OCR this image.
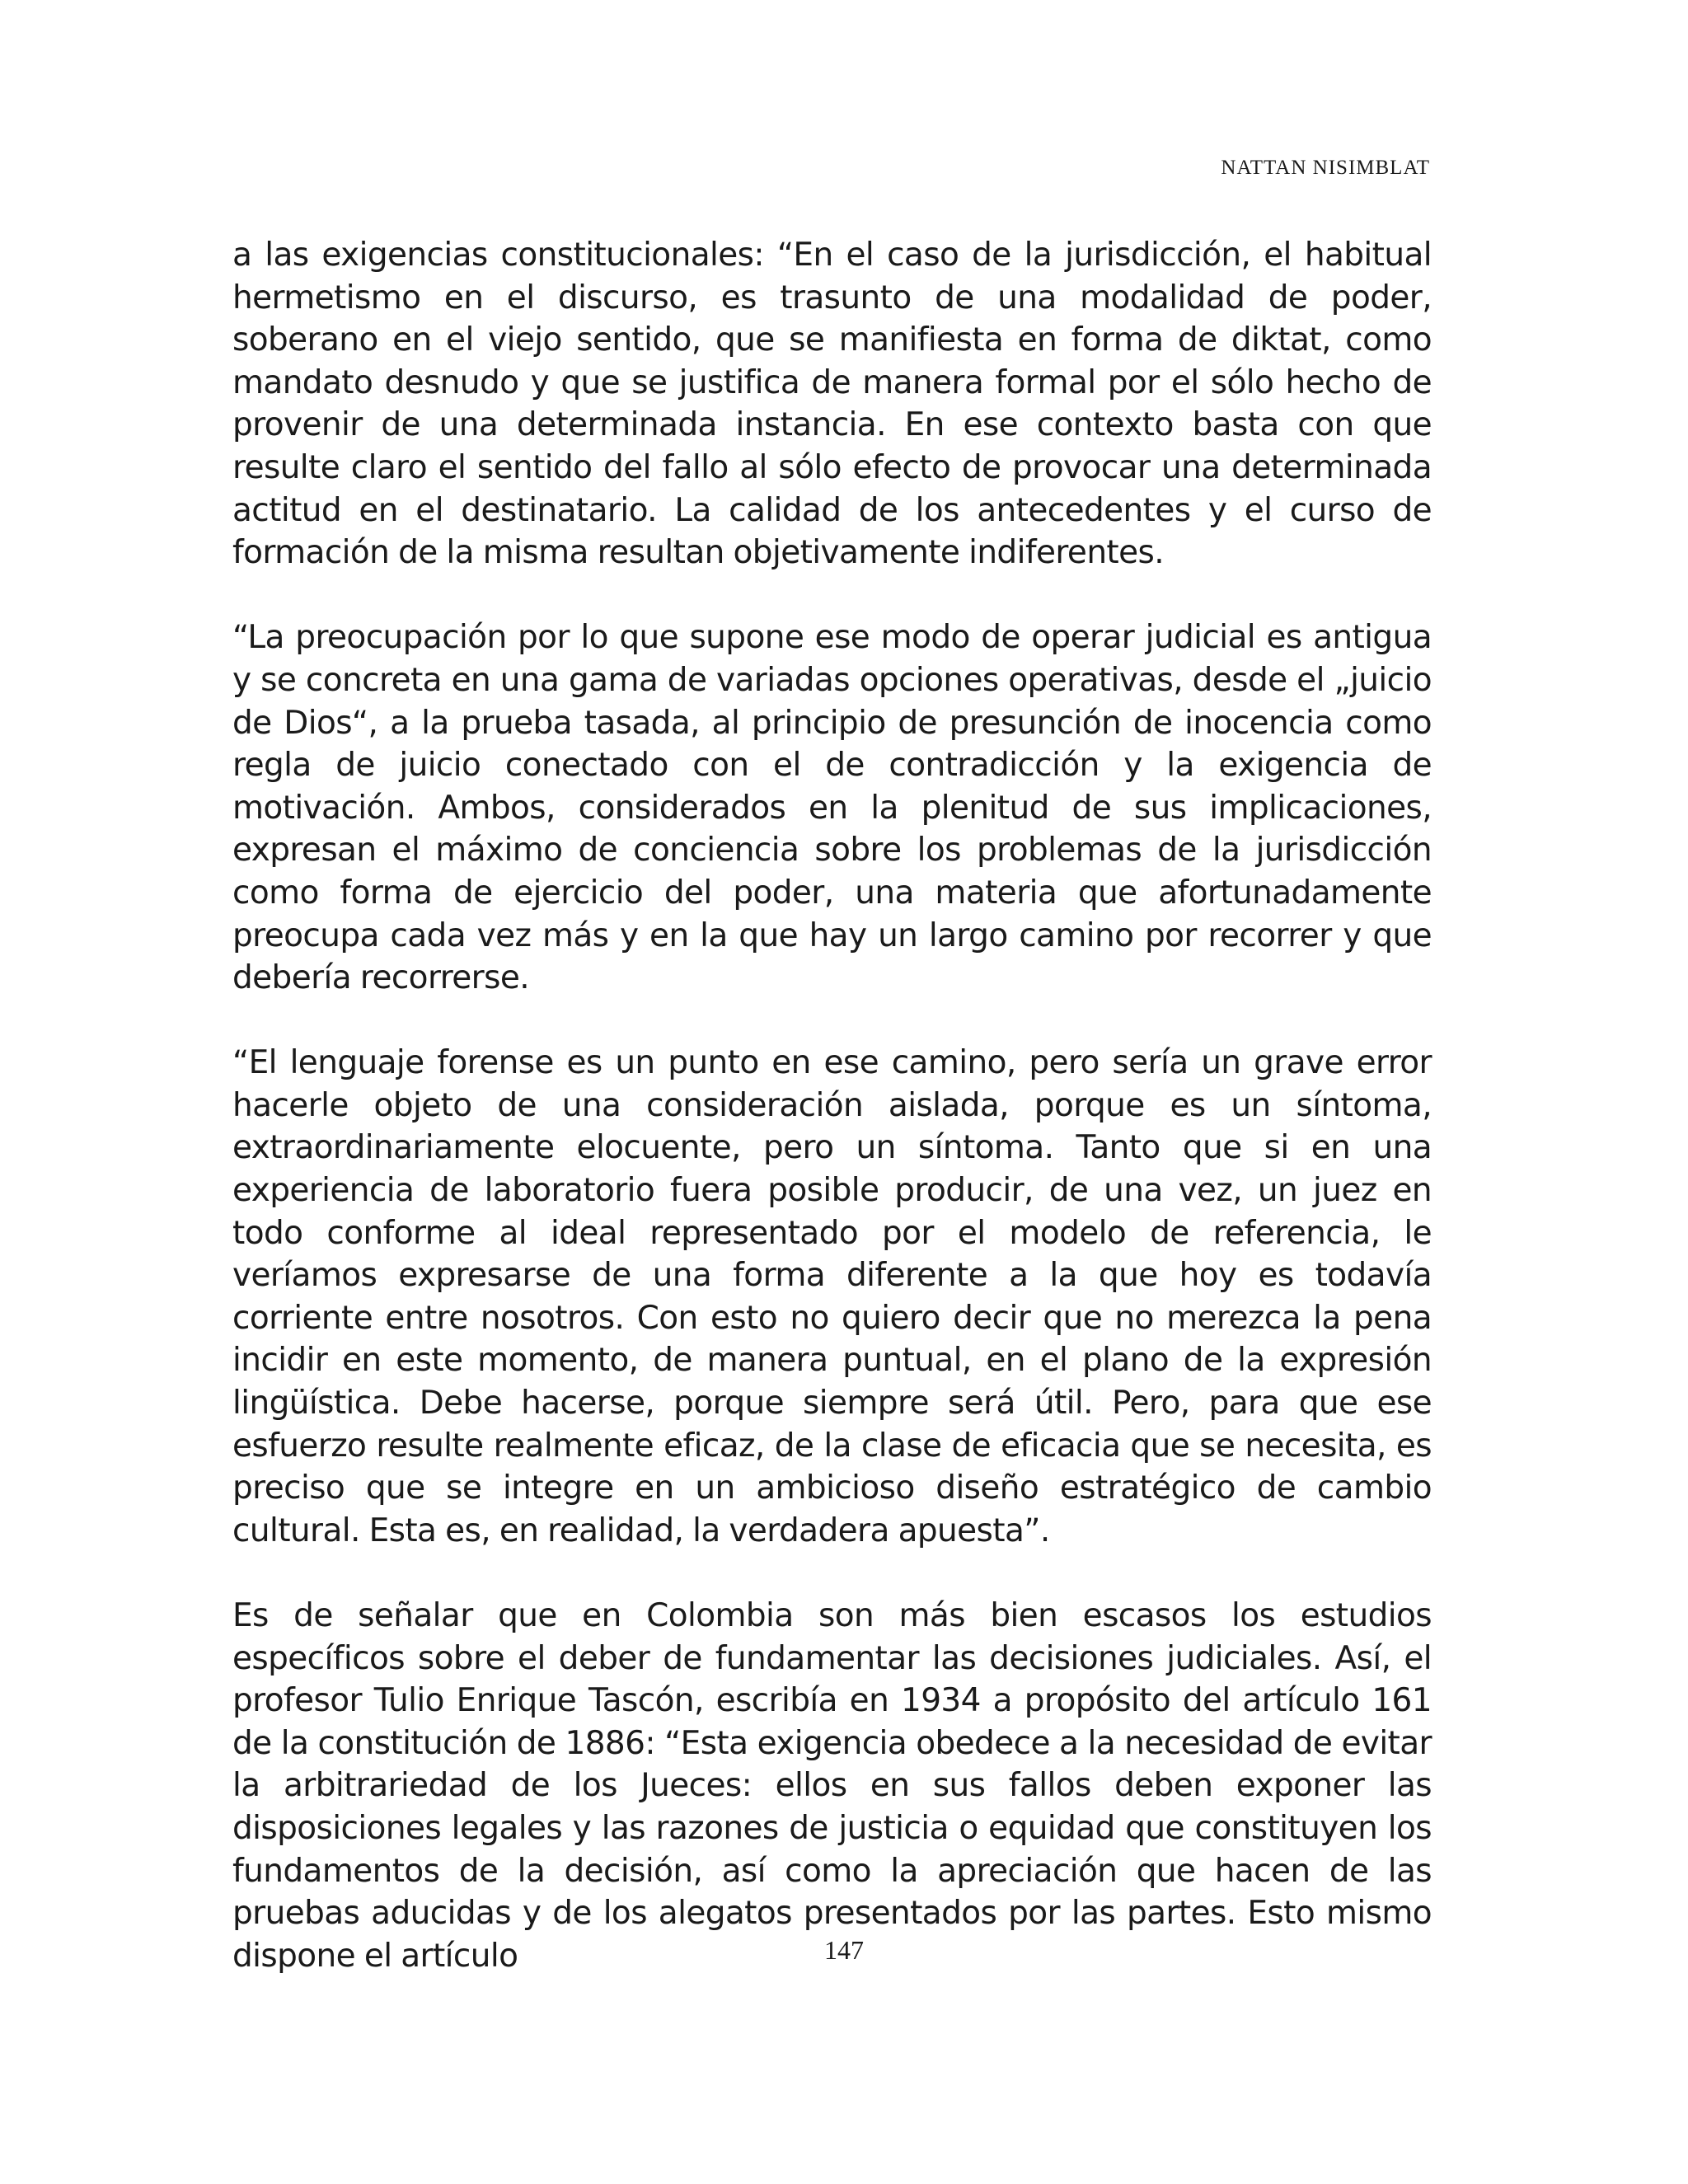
NATTAN NISIMBLAT

a las exigencias constitucionales: “En el caso de la jurisdicción, el habitual hermetismo en el discurso, es trasunto de una modalidad de poder, soberano en el viejo sentido, que se manifiesta en forma de diktat, como mandato desnudo y que se justifica de manera formal por el sólo hecho de provenir de una determinada instancia. En ese contexto basta con que resulte claro el sentido del fallo al sólo efecto de provocar una determinada actitud en el destinatario. La calidad de los antecedentes y el curso de formación de la misma resultan objetivamente indiferentes.

“La preocupación por lo que supone ese modo de operar judicial es antigua y se concreta en una gama de variadas opciones operativas, desde el „juicio de Dios“, a la prueba tasada, al principio de presunción de inocencia como regla de juicio conectado con el de contradicción y la exigencia de motivación. Ambos, considerados en la plenitud de sus implicaciones, expresan el máximo de conciencia sobre los problemas de la jurisdicción como forma de ejercicio del poder, una materia que afortunadamente preocupa cada vez más y en la que hay un largo camino por recorrer y que debería recorrerse.

“El lenguaje forense es un punto en ese camino, pero sería un grave error hacerle objeto de una consideración aislada, porque es un síntoma, extraordinariamente elocuente, pero un síntoma. Tanto que si en una experiencia de laboratorio fuera posible producir, de una vez, un juez en todo conforme al ideal representado por el modelo de referencia, le veríamos expresarse de una forma diferente a la que hoy es todavía corriente entre nosotros. Con esto no quiero decir que no merezca la pena incidir en este momento, de manera puntual, en el plano de la expresión lingüística. Debe hacerse, porque siempre será útil. Pero, para que ese esfuerzo resulte realmente eficaz, de la clase de eficacia que se necesita, es preciso que se integre en un ambicioso diseño estratégico de cambio cultural. Esta es, en realidad, la verdadera apuesta”.

Es de señalar que en Colombia son más bien escasos los estudios específicos sobre el deber de fundamentar las decisiones judiciales. Así, el profesor Tulio Enrique Tascón, escribía en 1934 a propósito del artículo 161 de la constitución de 1886: “Esta exigencia obedece a la necesidad de evitar la arbitrariedad de los Jueces: ellos en sus fallos deben exponer las disposiciones legales y las razones de justicia o equidad que constituyen los fundamentos de la decisión, así como la apreciación que hacen de las pruebas aducidas y de los alegatos presentados por las partes. Esto mismo dispone el artículo	147
